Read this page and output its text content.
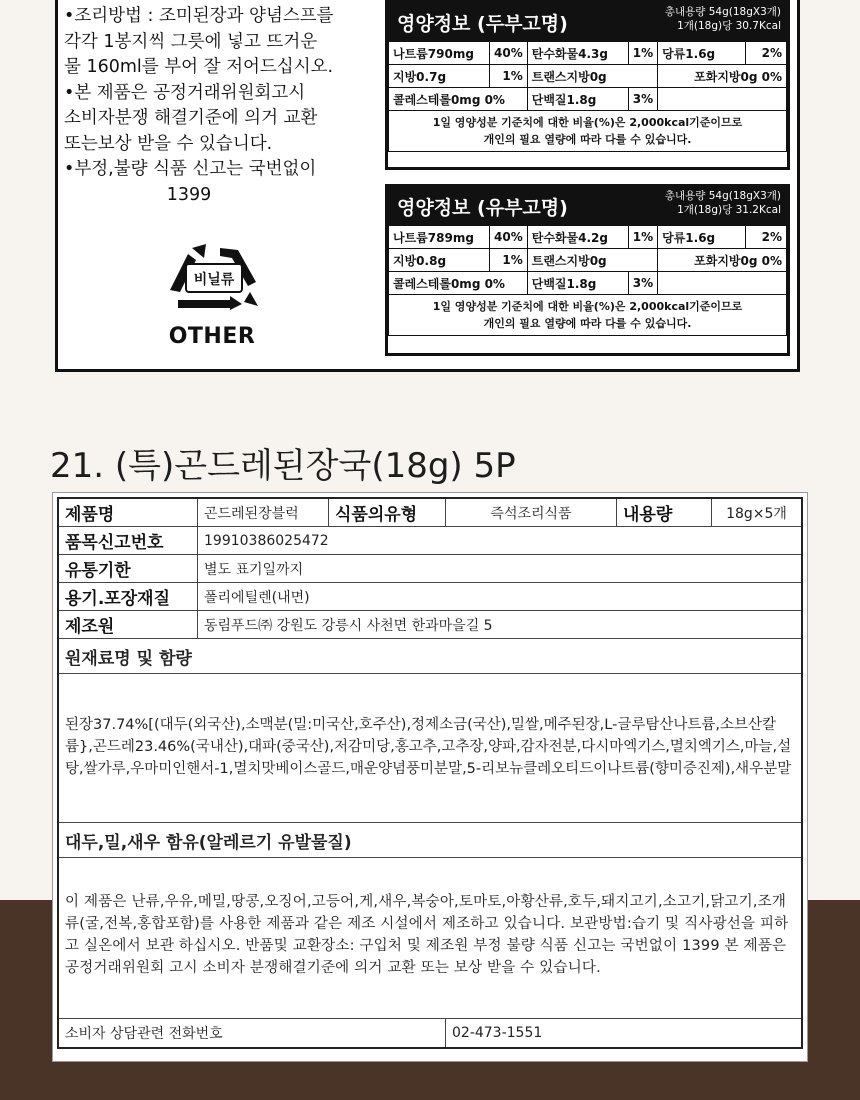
•조리방법 : 조미된장과 양념스프를
각각 1봉지씩 그릇에 넣고 뜨거운
물 160ml를 부어 잘 저어드십시오.
•본 제품은 공정거래위원회고시
소비자분쟁 해결기준에 의거 교환
또는보상 받을 수 있습니다.
•부정,불량 식품 신고는 국번없이
1399
비닐류
OTHER
영양정보 (두부고명)
총내용량 54g(18gX3개)
1개(18g)당 30.7Kcal
나트륨790mg	40%	탄수화물4.3g	1%	당류1.6g	2%
지방0.7g	1%	트랜스지방0g		포화지방0g 0%	
콜레스테롤0mg 0%		단백질1.8g	3%		

1일 영양성분 기준치에 대한 비율(%)은 2,000kcal기준이므로
개인의 필요 열량에 따라 다를 수 있습니다.					
영양정보 (유부고명)
총내용량 54g(18gX3개)
1개(18g)당 31.2Kcal
나트륨789mg	40%	탄수화물4.2g	1%	당류1.6g	2%
지방0.8g	1%	트랜스지방0g		포화지방0g 0%	
콜레스테롤0mg 0%		단백질1.8g	3%		

1일 영양성분 기준치에 대한 비율(%)은 2,000kcal기준이므로
개인의 필요 열량에 따라 다를 수 있습니다.					
21. (특)곤드레된장국(18g) 5P
제품명	곤드레된장블럭	식품의유형	즉석조리식품	내용량	18g×5개
품목신고번호	19910386025472				
유통기한	별도 표기일까지				
용기.포장재질	폴리에틸렌(내면)				
제조원	동림푸드㈜ 강원도 강릉시 사천면 한과마을길 5				
원재료명 및 함량					
된장37.74%[(대두(외국산),소맥분(밀:미국산,호주산),정제소금(국산),밀쌀,메주된장,L-글루탐산나트륨,소브산칼륨},곤드레23.46%(국내산),대파(중국산),저감미당,홍고추,고추장,양파,감자전분,다시마엑기스,멸치엑기스,마늘,설탕,쌀가루,우마미인핸서-1,멸치맛베이스골드,매운양념풍미분말,5-리보뉴클레오티드이나트륨(향미증진제),새우분말					
대두,밀,새우 함유(알레르기 유발물질)					
이 제품은 난류,우유,메밀,땅콩,오징어,고등어,게,새우,복숭아,토마토,아황산류,호두,돼지고기,소고기,닭고기,조개류(굴,전복,홍합포함)를 사용한 제품과 같은 제조 시설에서 제조하고 있습니다. 보관방법:습기 및 직사광선을 피하고 실온에서 보관 하십시오. 반품및 교환장소: 구입처 및 제조원 부정 불량 식품 신고는 국번없이 1399 본 제품은 공정거래위원회 고시 소비자 분쟁해결기준에 의거 교환 또는 보상 받을 수 있습니다.					
소비자 상담관련 전화번호			02-473-1551		
